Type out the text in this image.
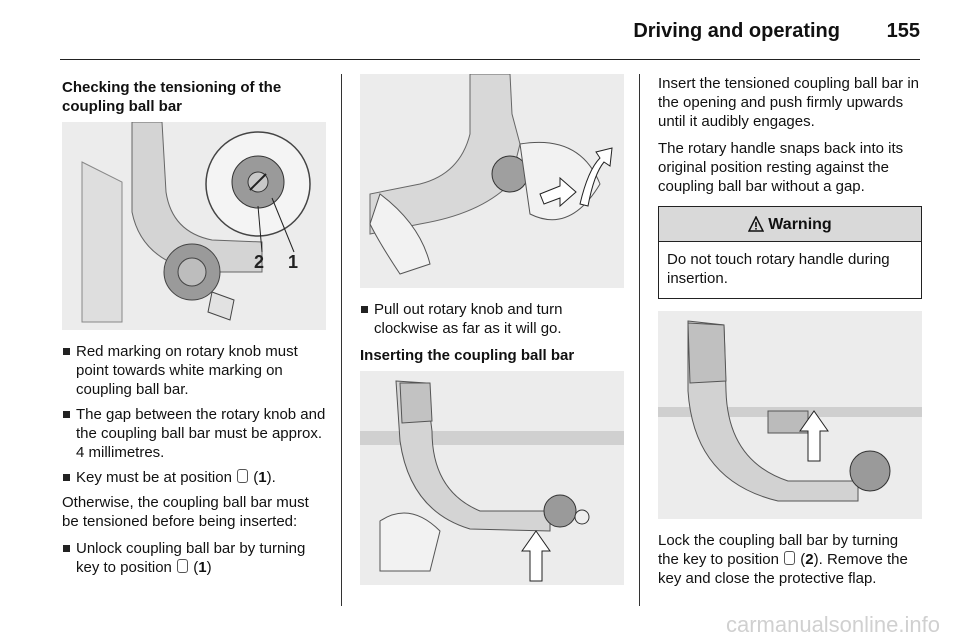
Driving and operating 155
Checking the tensioning of the coupling ball bar
2 1
Red marking on rotary knob must point towards white marking on coupling ball bar.
The gap between the rotary knob and the coupling ball bar must be approx. 4 millimetres.
Key must be at position  (1).
Otherwise, the coupling ball bar must be tensioned before being inserted:
Unlock coupling ball bar by turning key to position  (1)
Pull out rotary knob and turn clockwise as far as it will go.
Inserting the coupling ball bar
Insert the tensioned coupling ball bar in the opening and push firmly upwards until it audibly engages.
The rotary handle snaps back into its original position resting against the coupling ball bar without a gap.
Warning
Do not touch rotary handle during insertion.
Lock the coupling ball bar by turning the key to position  (2). Remove the key and close the protective flap.
carmanualsonline.info
